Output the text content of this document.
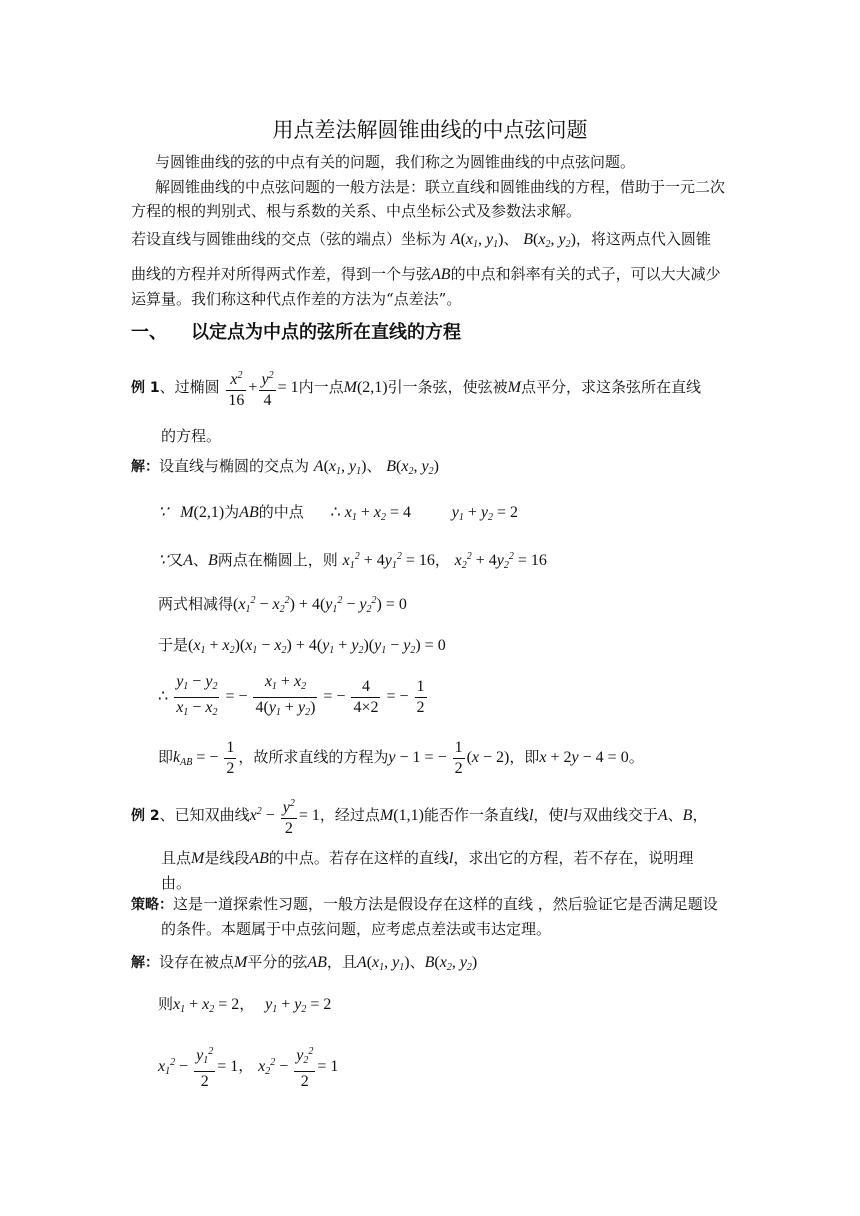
用点差法解圆锥曲线的中点弦问题
与圆锥曲线的弦的中点有关的问题，我们称之为圆锥曲线的中点弦问题。
解圆锥曲线的中点弦问题的一般方法是：联立直线和圆锥曲线的方程，借助于一元二次
方程的根的判别式、根与系数的关系、中点坐标公式及参数法求解。
若设直线与圆锥曲线的交点（弦的端点）坐标为 $A(x_1$, $y_1$)、 $B(x_2$, $y_2$)，将这两点代入圆锥
曲线的方程并对所得两式作差，得到一个与弦AB的中点和斜率有关的式子，可以大大减少
运算量。我们称这种代点作差的方法为“点差法”。
一、 以定点为中点的弦所在直线的方程
例 1、过椭圆 $\frac{x^2}{16} + \frac{y^2}{4} = 1$内一点M(2,1)引一条弦，使弦被M点平分，求这条弦所在直线
的方程。
解：设直线与椭圆的交点为 $A(x_1$, $y_1$)、 $B(x_2$, $y_2$)
∵   M(2,1)为AB的中点 ∴ $x_1 + x_2 = 4$	$y_1 + y_2 = 2$
∵又A、B两点在椭圆上，则 $x_1^2 + 4y_1^2 = 16$， $x_2^2 + 4y_2^2 = 16$
两式相减得$(x_1^2 - x_2^2) + 4(y_1^2 - y_2^2) = 0$
于是$(x_1 + x_2)(x_1 - x_2) + 4(y_1 + y_2)(y_1 - y_2) = 0$
∴ $\frac{y_1 - y_2}{x_1 - x_2}$ = − $\frac{x_1 + x_2}{4(y_1 + y_2)}$ = − $\frac{4}{4\times 2}$ = − $\frac{1}{2}$
即$k_{AB}$ = − $\frac{1}{2}$ ，故所求直线的方程为y − 1 = − $\frac{1}{2} (x - 2)$，即x + 2y − 4 = 0。
例 2、已知双曲线$x^2 - \frac{y^2}{2} = 1$，经过点M(1,1)能否作一条直线l，使l与双曲线交于A、B，
且点M是线段AB的中点。若存在这样的直线l，求出它的方程，若不存在，说明理
由。
策略：这是一道探索性习题，一般方法是假设存在这样的直线 ，然后验证它是否满足题设
的条件。本题属于中点弦问题，应考虑点差法或韦达定理。
解：设存在被点M平分的弦AB，且$A(x_1$, $y_1$)、$B(x_2$, $y_2$)
则$x_1 + x_2 = 2$， $y_1 + y_2 = 2$
$x_1^2 - \frac{y_1^2}{2} = 1$， $x_2^2 - \frac{y_2^2}{2} = 1$
